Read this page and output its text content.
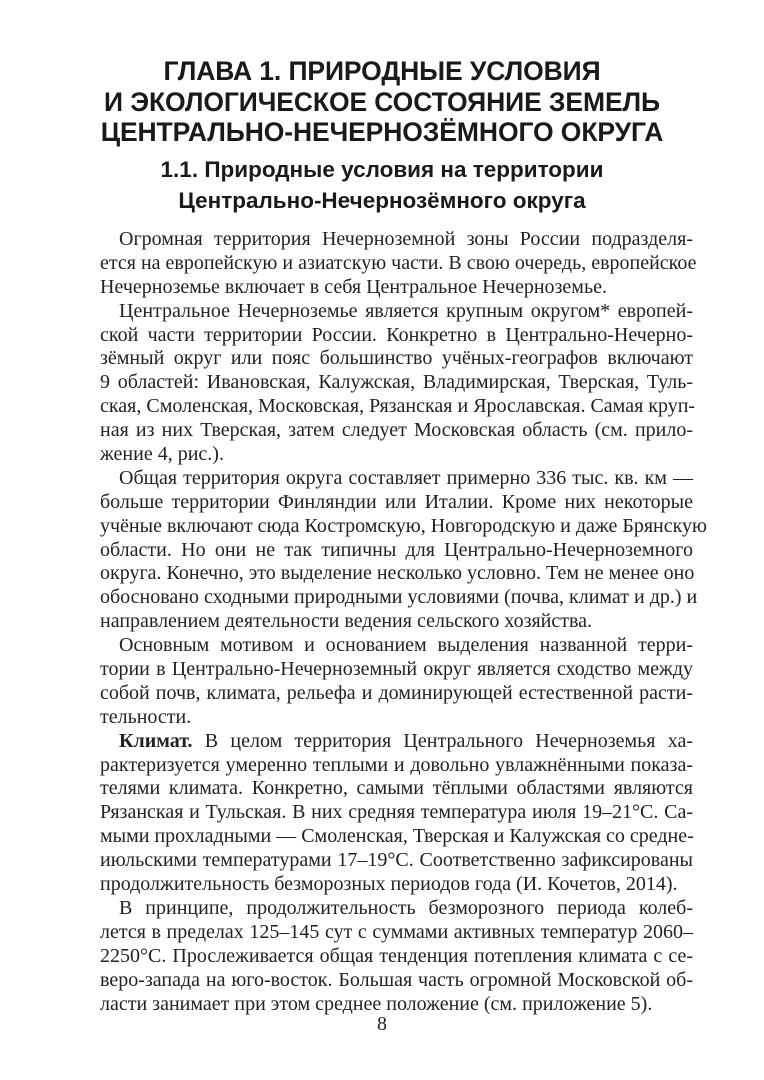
ГЛАВА 1. ПРИРОДНЫЕ УСЛОВИЯ
И ЭКОЛОГИЧЕСКОЕ СОСТОЯНИЕ ЗЕМЕЛЬ
ЦЕНТРАЛЬНО-НЕЧЕРНОЗЁМНОГО ОКРУГА
1.1. Природные условия на территории
Центрально-Нечернозёмного округа
Огромная территория Нечерноземной зоны России подразделя-
ется на европейскую и азиатскую части. В свою очередь, европейское
Нечерноземье включает в себя Центральное Нечерноземье.
Центральное Нечерноземье является крупным округом* европей-
ской части территории России. Конкретно в Центрально-Нечерно-
зёмный округ или пояс большинство учёных-географов включают
9 областей: Ивановская, Калужская, Владимирская, Тверская, Туль-
ская, Смоленская, Московская, Рязанская и Ярославская. Самая круп-
ная из них Тверская, затем следует Московская область (см. прило-
жение 4, рис.).
Общая территория округа составляет примерно 336 тыс. кв. км —
больше территории Финляндии или Италии. Кроме них некоторые
учёные включают сюда Костромскую, Новгородскую и даже Брянскую
области. Но они не так типичны для Центрально-Нечерноземного
округа. Конечно, это выделение несколько условно. Тем не менее оно
обосновано сходными природными условиями (почва, климат и др.) и
направлением деятельности ведения сельского хозяйства.
Основным мотивом и основанием выделения названной терри-
тории в Центрально-Нечерноземный округ является сходство между
собой почв, климата, рельефа и доминирующей естественной расти-
тельности.
Климат. В целом территория Центрального Нечерноземья ха-
рактеризуется умеренно теплыми и довольно увлажнёнными показа-
телями климата. Конкретно, самыми тёплыми областями являются
Рязанская и Тульская. В них средняя температура июля 19–21°С. Са-
мыми прохладными — Смоленская, Тверская и Калужская со средне-
июльскими температурами 17–19°С. Соответственно зафиксированы
продолжительность безморозных периодов года (И. Кочетов, 2014).
В принципе, продолжительность безморозного периода колеб-
лется в пределах 125–145 сут с суммами активных температур 2060–
2250°С. Прослеживается общая тенденция потепления климата с се-
веро-запада на юго-восток. Большая часть огромной Московской об-
ласти занимает при этом среднее положение (см. приложение 5).
8
